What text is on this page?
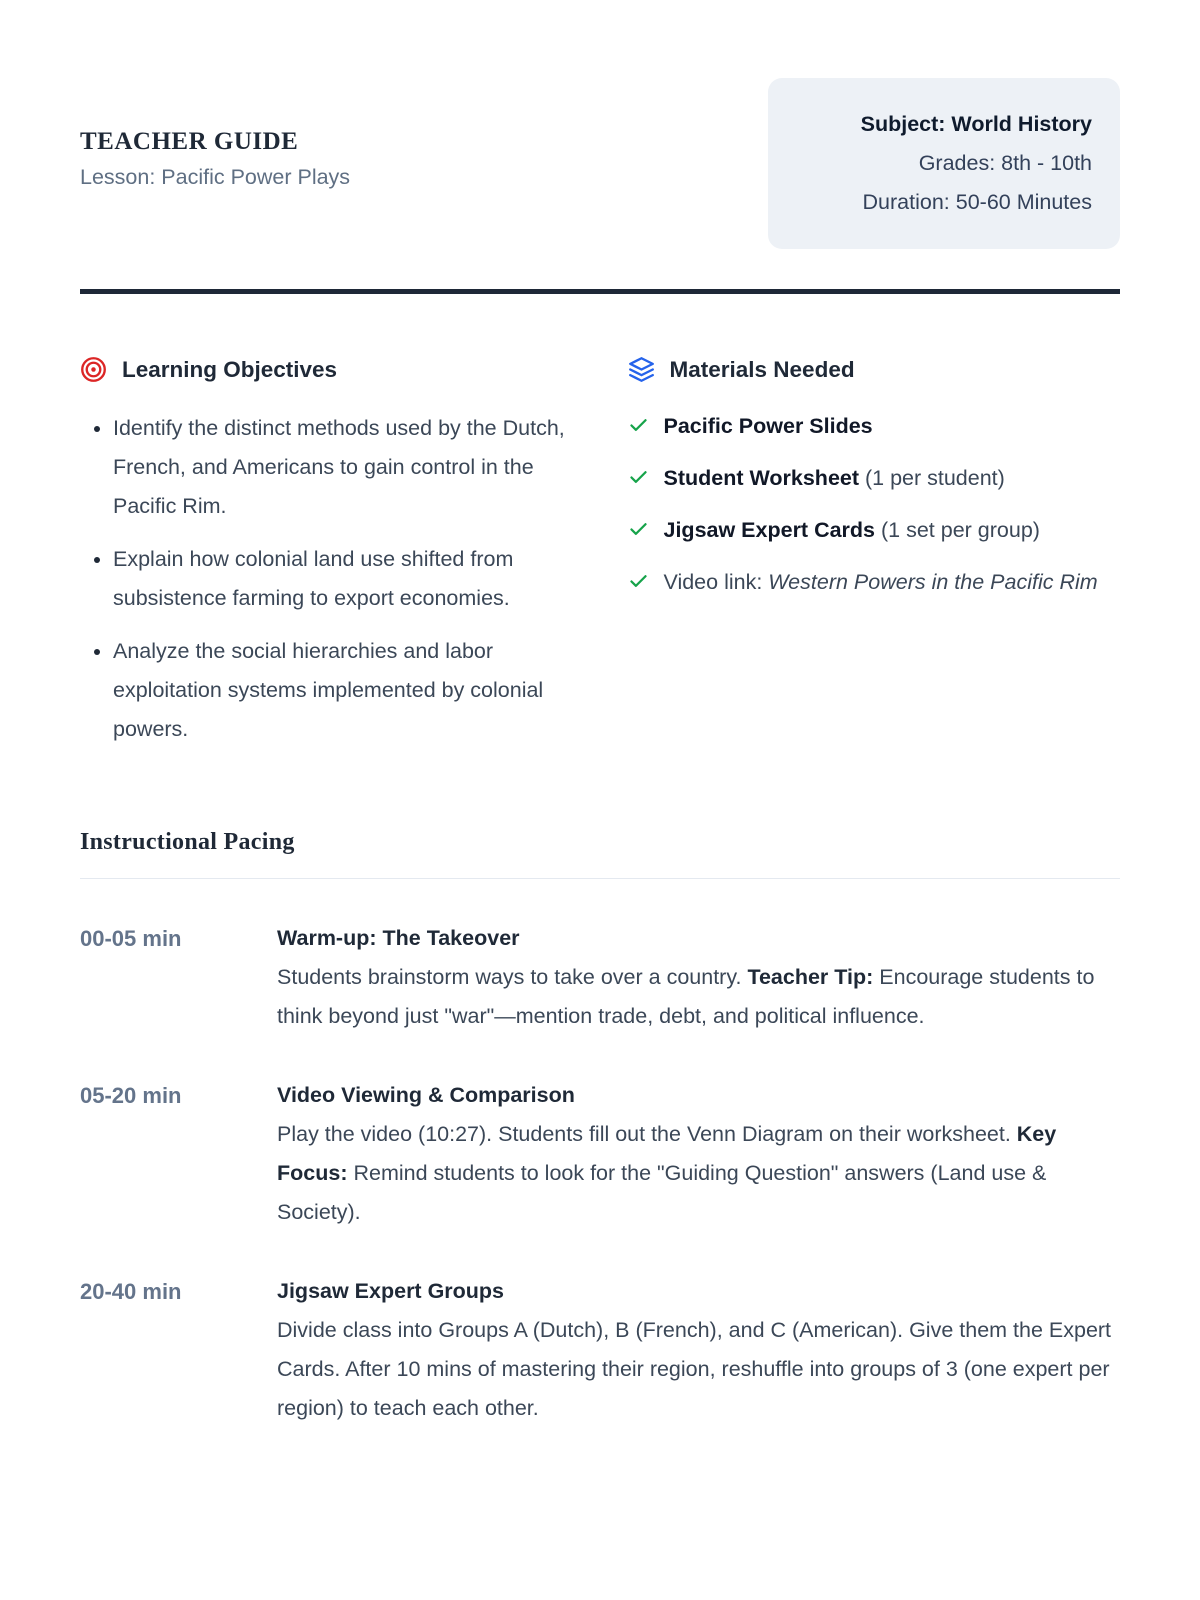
TEACHER GUIDE

Lesson: Pacific Power Plays

Subject: World History
Grades: 8th - 10th
Duration: 50-60 Minutes
Learning Objectives
• Identify the distinct methods used by the Dutch, French, and Americans to gain control in the Pacific Rim.
• Explain how colonial land use shifted from subsistence farming to export economies.
• Analyze the social hierarchies and labor exploitation systems implemented by colonial powers.
Materials Needed
Pacific Power Slides
Student Worksheet (1 per student)
Jigsaw Expert Cards (1 set per group)
Video link: Western Powers in the Pacific Rim
Instructional Pacing
00-05 min	Warm-up: The Takeover

Students brainstorm ways to take over a country. Teacher Tip: Encourage students to think beyond just "war"—mention trade, debt, and political influence.

05-20 min	Video Viewing & Comparison

Play the video (10:27). Students fill out the Venn Diagram on their worksheet. Key Focus: Remind students to look for the "Guiding Question" answers (Land use & Society).

20-40 min	Jigsaw Expert Groups

Divide class into Groups A (Dutch), B (French), and C (American). Give them the Expert Cards. After 10 mins of mastering their region, reshuffle into groups of 3 (one expert per region) to teach each other.
